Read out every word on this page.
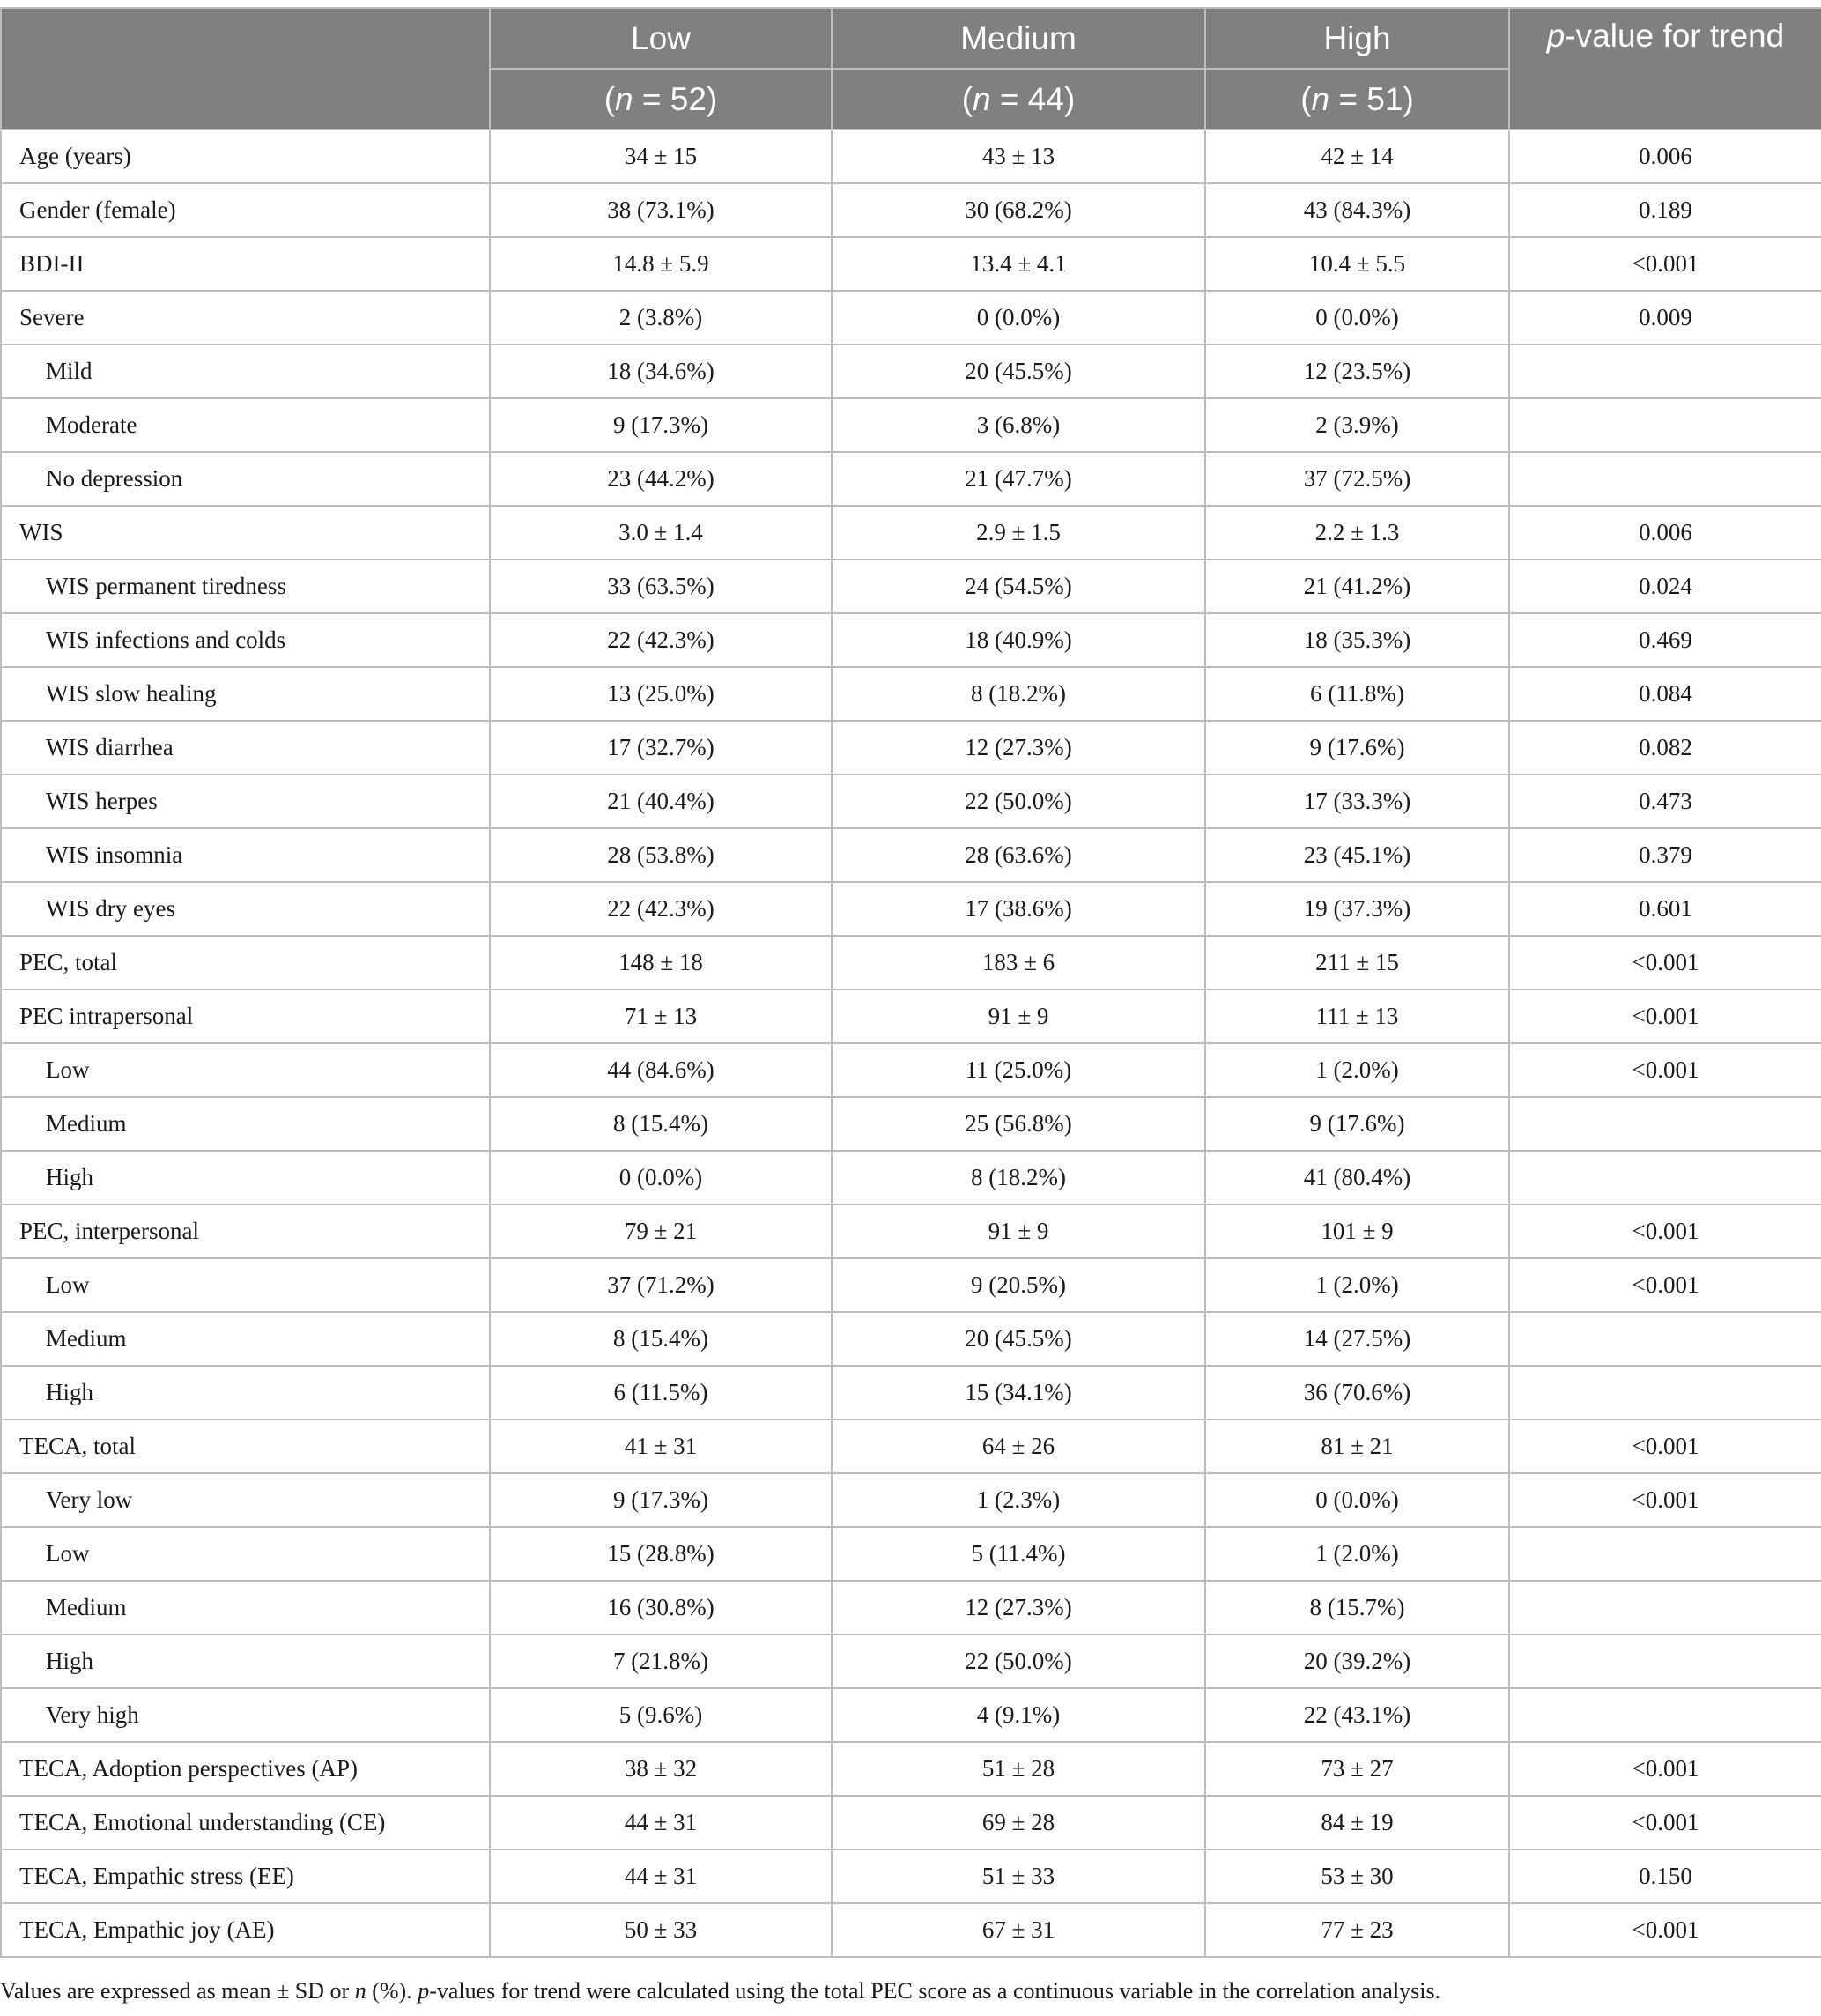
	Low	Medium	High	p-value for trend
	(n = 52)	(n = 44)	(n = 51)	
Age (years)	34 ± 15	43 ± 13	42 ± 14	0.006
Gender (female)	38 (73.1%)	30 (68.2%)	43 (84.3%)	0.189
BDI-II	14.8 ± 5.9	13.4 ± 4.1	10.4 ± 5.5	<0.001
Severe	2 (3.8%)	0 (0.0%)	0 (0.0%)	0.009
Mild	18 (34.6%)	20 (45.5%)	12 (23.5%)	
Moderate	9 (17.3%)	3 (6.8%)	2 (3.9%)	
No depression	23 (44.2%)	21 (47.7%)	37 (72.5%)	
WIS	3.0 ± 1.4	2.9 ± 1.5	2.2 ± 1.3	0.006
WIS permanent tiredness	33 (63.5%)	24 (54.5%)	21 (41.2%)	0.024
WIS infections and colds	22 (42.3%)	18 (40.9%)	18 (35.3%)	0.469
WIS slow healing	13 (25.0%)	8 (18.2%)	6 (11.8%)	0.084
WIS diarrhea	17 (32.7%)	12 (27.3%)	9 (17.6%)	0.082
WIS herpes	21 (40.4%)	22 (50.0%)	17 (33.3%)	0.473
WIS insomnia	28 (53.8%)	28 (63.6%)	23 (45.1%)	0.379
WIS dry eyes	22 (42.3%)	17 (38.6%)	19 (37.3%)	0.601
PEC, total	148 ± 18	183 ± 6	211 ± 15	<0.001
PEC intrapersonal	71 ± 13	91 ± 9	111 ± 13	<0.001
Low	44 (84.6%)	11 (25.0%)	1 (2.0%)	<0.001
Medium	8 (15.4%)	25 (56.8%)	9 (17.6%)	
High	0 (0.0%)	8 (18.2%)	41 (80.4%)	
PEC, interpersonal	79 ± 21	91 ± 9	101 ± 9	<0.001
Low	37 (71.2%)	9 (20.5%)	1 (2.0%)	<0.001
Medium	8 (15.4%)	20 (45.5%)	14 (27.5%)	
High	6 (11.5%)	15 (34.1%)	36 (70.6%)	
TECA, total	41 ± 31	64 ± 26	81 ± 21	<0.001
Very low	9 (17.3%)	1 (2.3%)	0 (0.0%)	<0.001
Low	15 (28.8%)	5 (11.4%)	1 (2.0%)	
Medium	16 (30.8%)	12 (27.3%)	8 (15.7%)	
High	7 (21.8%)	22 (50.0%)	20 (39.2%)	
Very high	5 (9.6%)	4 (9.1%)	22 (43.1%)	
TECA, Adoption perspectives (AP)	38 ± 32	51 ± 28	73 ± 27	<0.001
TECA, Emotional understanding (CE)	44 ± 31	69 ± 28	84 ± 19	<0.001
TECA, Empathic stress (EE)	44 ± 31	51 ± 33	53 ± 30	0.150
TECA, Empathic joy (AE)	50 ± 33	67 ± 31	77 ± 23	<0.001
Values are expressed as mean ± SD or n (%). p-values for trend were calculated using the total PEC score as a continuous variable in the correlation analysis.
